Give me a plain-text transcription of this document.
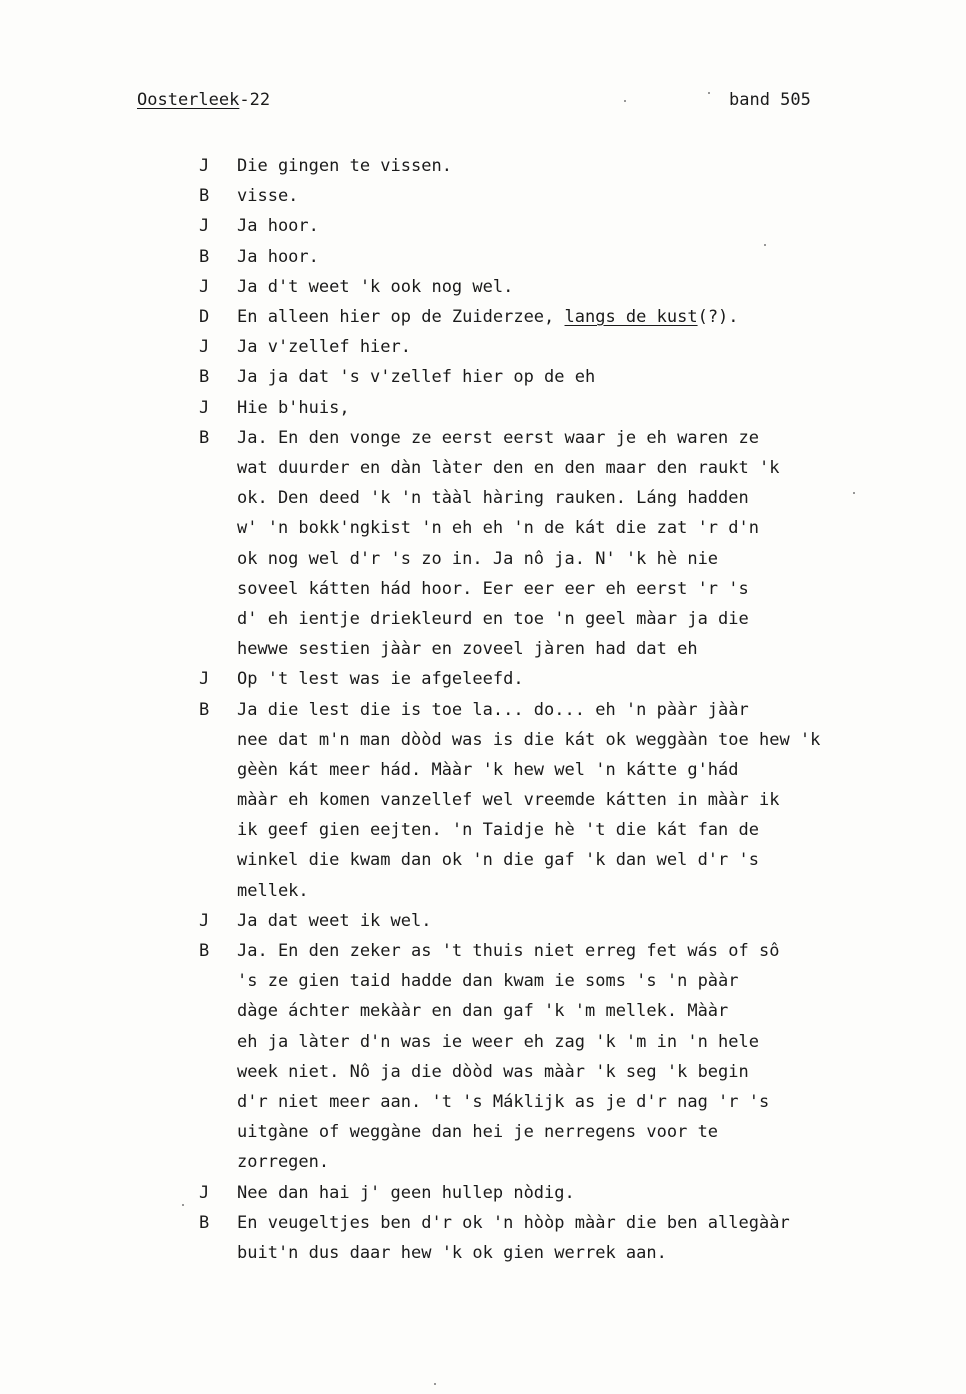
Oosterleek-22	band 505
J	Die gingen te vissen.
B	visse.
J	Ja hoor.
B	Ja hoor.
J	Ja d't weet 'k ook nog wel.
D	En alleen hier op de Zuiderzee, langs de kust(?).
J	Ja v'zellef hier.
B	Ja ja dat 's v'zellef hier op de eh
J	Hie b'huis,
B	Ja. En den vonge ze eerst eerst waar je eh waren ze
wat duurder en dàn làter den en den maar den raukt 'k
ok. Den deed 'k 'n tààl hàring rauken. Láng hadden
w' 'n bokk'ngkist 'n eh eh 'n de kát die zat 'r d'n
ok nog wel d'r 's zo in. Ja nô ja. N' 'k hè nie
soveel kátten hád hoor. Eer eer eer eh eerst 'r 's
d' eh ientje driekleurd en toe 'n geel màar ja die
hewwe sestien jààr en zoveel jàren had dat eh
J	Op 't lest was ie afgeleefd.
B	Ja die lest die is toe la... do... eh 'n pààr jààr
nee dat m'n man dòòd was is die kát ok weggààn toe hew 'k
gèèn kát meer hád. Mààr 'k hew wel 'n kátte g'hád
mààr eh komen vanzellef wel vreemde kátten in mààr ik
ik geef gien eejten. 'n Taidje hè 't die kát fan de
winkel die kwam dan ok 'n die gaf 'k dan wel d'r 's
mellek.
J	Ja dat weet ik wel.
B	Ja. En den zeker as 't thuis niet erreg fet wás of sô
's ze gien taid hadde dan kwam ie soms 's 'n pààr
dàge áchter mekààr en dan gaf 'k 'm mellek. Mààr
eh ja làter d'n was ie weer eh zag 'k 'm in 'n hele
week niet. Nô ja die dòòd was mààr 'k seg 'k begin
d'r niet meer aan. 't 's Máklijk as je d'r nag 'r 's
uitgàne of weggàne dan hei je nerregens voor te
zorregen.
J	Nee dan hai j' geen hullep nòdig.
B	En veugeltjes ben d'r ok 'n hòòp mààr die ben allegààr
buit'n dus daar hew 'k ok gien werrek aan.
